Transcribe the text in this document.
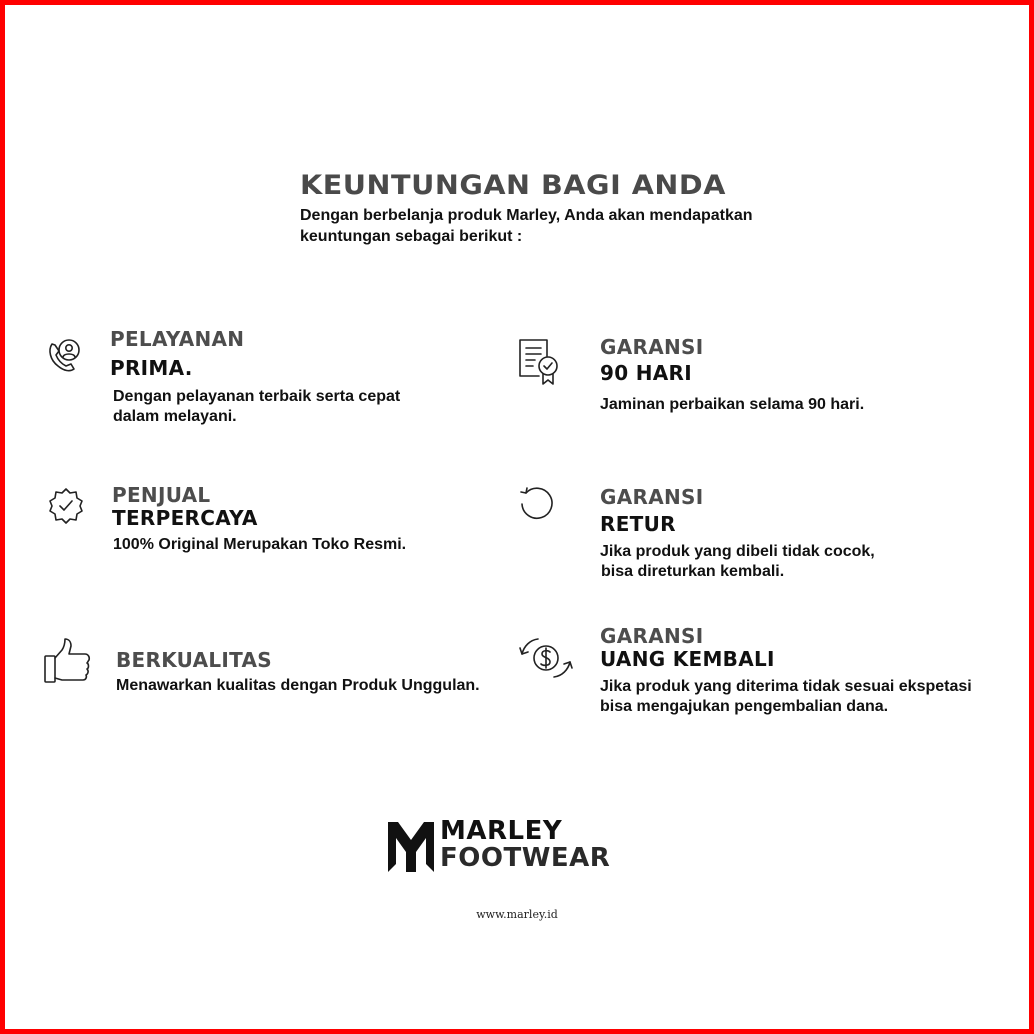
KEUNTUNGAN BAGI ANDA

Dengan berbelanja produk Marley, Anda akan mendapatkan
keuntungan sebagai berikut :

PELAYANAN
PRIMA.
Dengan pelayanan terbaik serta cepat
dalam melayani.
GARANSI
90 HARI
Jaminan perbaikan selama 90 hari.
PENJUAL
TERPERCAYA
100% Original Merupakan Toko Resmi.
GARANSI
RETUR
Jika produk yang dibeli tidak cocok,
bisa direturkan kembali.
BERKUALITAS
Menawarkan kualitas dengan Produk Unggulan.
GARANSI
UANG KEMBALI
Jika produk yang diterima tidak sesuai ekspetasi
bisa mengajukan pengembalian dana.
MARLEY
FOOTWEAR
www.marley.id
